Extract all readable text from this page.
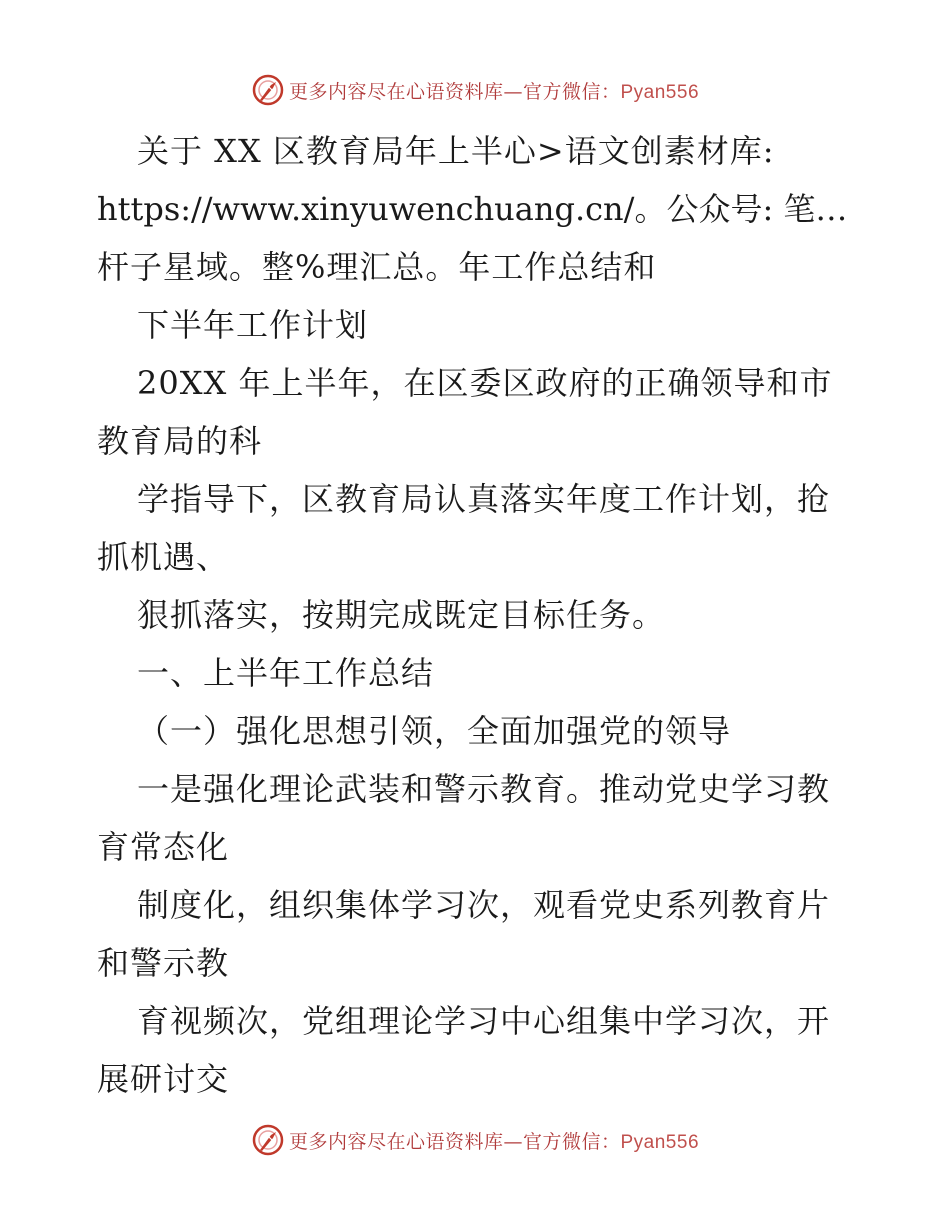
更多内容尽在心语资料库—官方微信：Pyan556
关于 XX 区教育局年上半心>语文创素材库:
https://www.xinyuwenchuang.cn/。公众号: 笔…
杆子星域。整%理汇总。年工作总结和
下半年工作计划
20XX 年上半年，在区委区政府的正确领导和市
教育局的科
学指导下，区教育局认真落实年度工作计划，抢
抓机遇、
狠抓落实，按期完成既定目标任务。
一、上半年工作总结
（一）强化思想引领，全面加强党的领导
一是强化理论武装和警示教育。推动党史学习教
育常态化
制度化，组织集体学习次，观看党史系列教育片
和警示教
育视频次，党组理论学习中心组集中学习次，开
展研讨交
更多内容尽在心语资料库—官方微信：Pyan556
